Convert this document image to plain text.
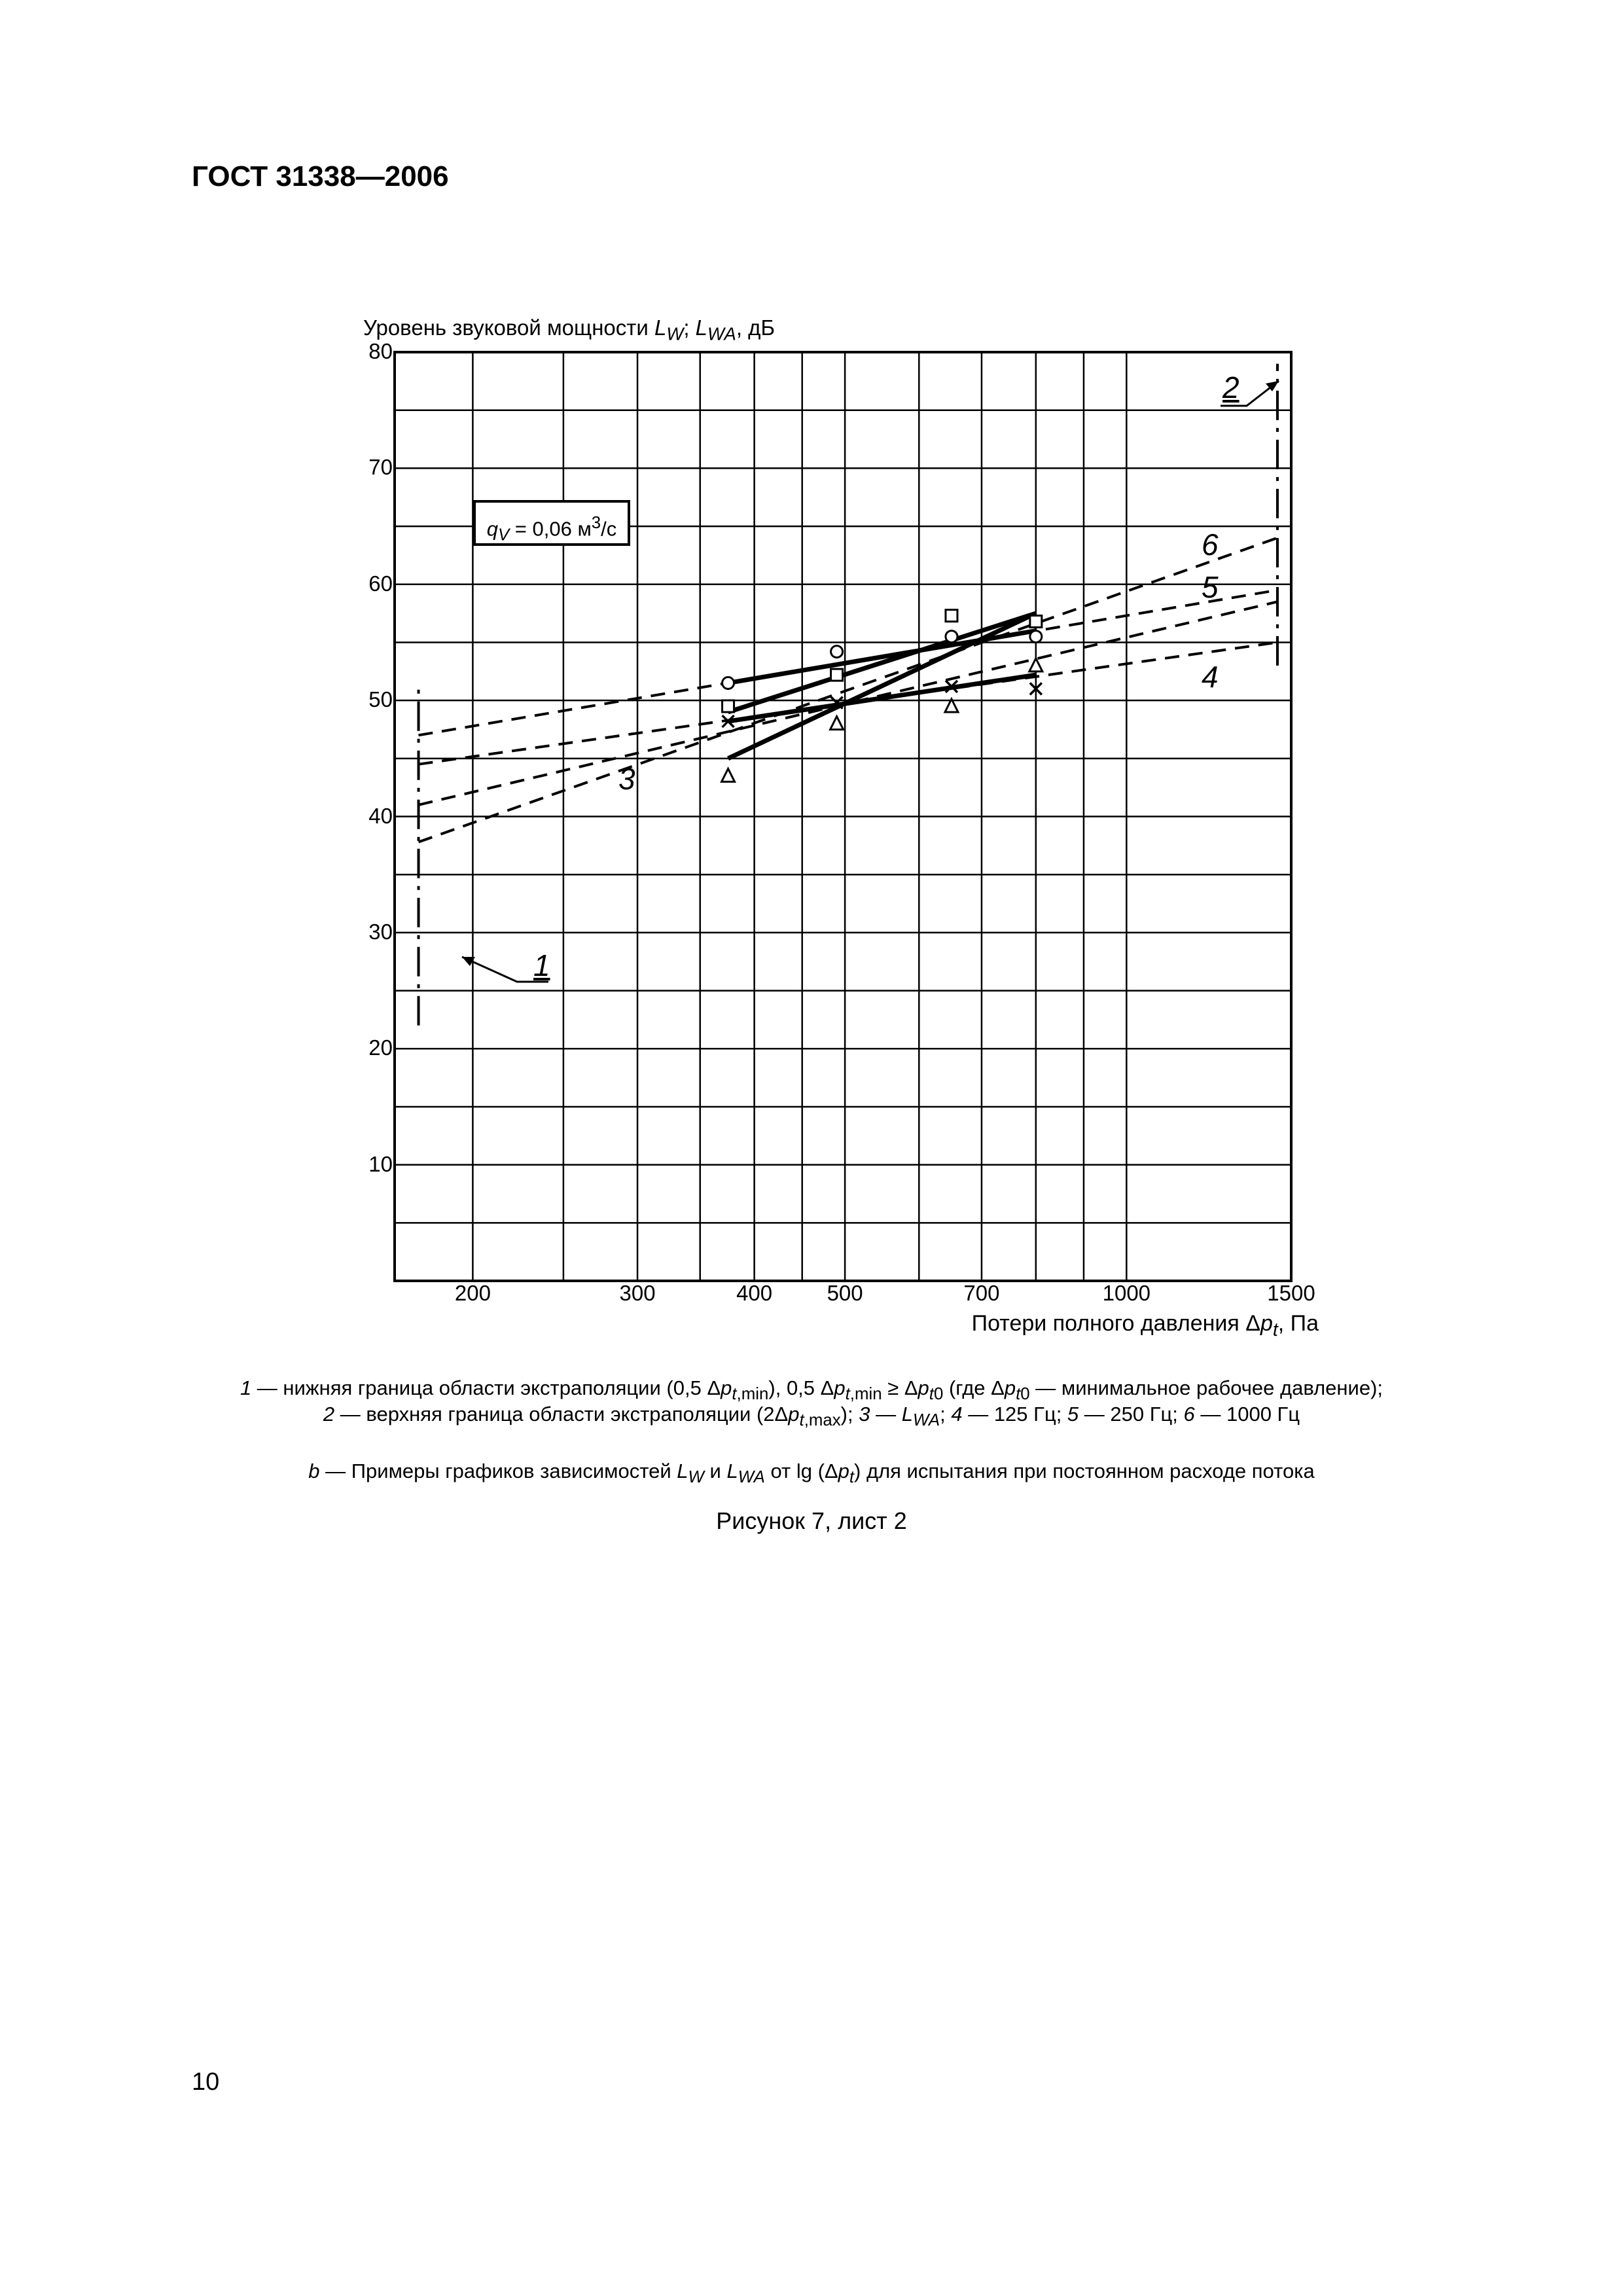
ГОСТ 31338—2006
Уровень звуковой мощности $L_W$; $L_{WA}$, дБ
$q_V = 0,06$ $м^3/с$
10
20
30
40
50
60
70
80
200	300	400	500	700	1000	1500
Потери полного давления $\Delta p_t$, Па
2
1
6
5
4
3
1 — нижняя граница области экстраполяции (0,5 $\Delta p_{t,min}$), 0,5 $\Delta p_{t,min} \ge \Delta p_{t0}$ (где $\Delta p_{t0}$ — минимальное рабочее давление);
2 — верхняя граница области экстраполяции $(2\Delta p_{t,max})$; 3 — $L_{WA}$; 4 — 125 Гц; 5 — 250 Гц; 6 — 1000 Гц
b — Примеры графиков зависимостей $L_W$ и $L_{WA}$ от $\lg (\Delta p_t)$ для испытания при постоянном расходе потока
Рисунок 7, лист 2
10
